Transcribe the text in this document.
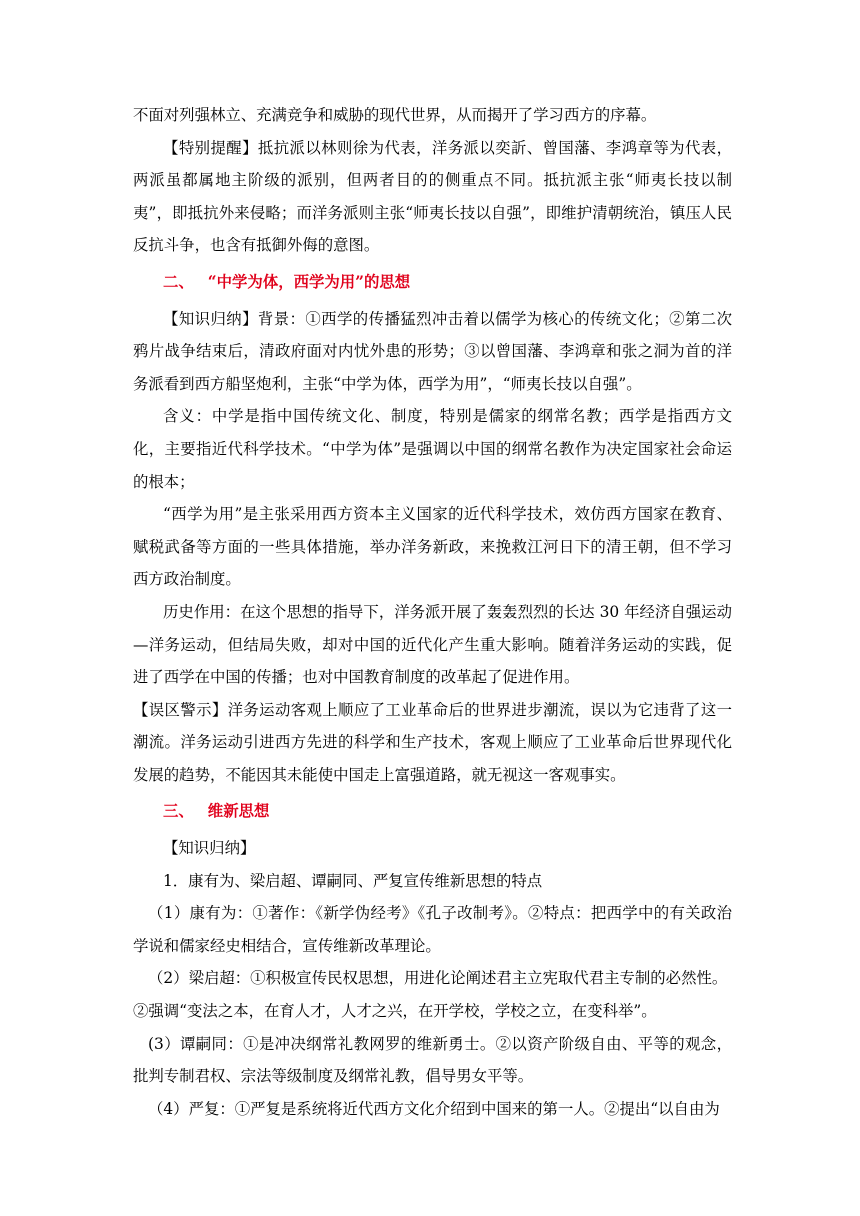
不面对列强林立、充满竞争和威胁的现代世界，从而揭开了学习西方的序幕。

【特别提醒】抵抗派以林则徐为代表，洋务派以奕訢、曾国藩、李鸿章等为代表，两派虽都属地主阶级的派别，但两者目的的侧重点不同。抵抗派主张“师夷长技以制夷”，即抵抗外来侵略；而洋务派则主张“师夷长技以自强”，即维护清朝统治，镇压人民反抗斗争，也含有抵御外侮的意图。

二、 “中学为体，西学为用”的思想

【知识归纳】背景：①西学的传播猛烈冲击着以儒学为核心的传统文化；②第二次鸦片战争结束后，清政府面对内忧外患的形势；③以曾国藩、李鸿章和张之洞为首的洋务派看到西方船坚炮利，主张“中学为体，西学为用”，“师夷长技以自强”。

含义：中学是指中国传统文化、制度，特别是儒家的纲常名教；西学是指西方文化，主要指近代科学技术。“中学为体”是强调以中国的纲常名教作为决定国家社会命运的根本；

“西学为用”是主张采用西方资本主义国家的近代科学技术，效仿西方国家在教育、赋税武备等方面的一些具体措施，举办洋务新政，来挽救江河日下的清王朝，但不学习西方政治制度。

历史作用：在这个思想的指导下，洋务派开展了轰轰烈烈的长达 30 年经济自强运动—洋务运动，但结局失败，却对中国的近代化产生重大影响。随着洋务运动的实践，促进了西学在中国的传播；也对中国教育制度的改革起了促进作用。

【误区警示】洋务运动客观上顺应了工业革命后的世界进步潮流，误以为它违背了这一潮流。洋务运动引进西方先进的科学和生产技术，客观上顺应了工业革命后世界现代化发展的趋势，不能因其未能使中国走上富强道路，就无视这一客观事实。

三、 维新思想

【知识归纳】

1．康有为、梁启超、谭嗣同、严复宣传维新思想的特点

（1）康有为：①著作：《新学伪经考》《孔子改制考》。②特点：把西学中的有关政治学说和儒家经史相结合，宣传维新改革理论。

（2）梁启超：①积极宣传民权思想，用进化论阐述君主立宪取代君主专制的必然性。

②强调“变法之本，在育人才，人才之兴，在开学校，学校之立，在变科举”。

(3）谭嗣同：①是冲决纲常礼教网罗的维新勇士。②以资产阶级自由、平等的观念，批判专制君权、宗法等级制度及纲常礼教，倡导男女平等。

（4）严复：①严复是系统将近代西方文化介绍到中国来的第一人。②提出“以自由为
